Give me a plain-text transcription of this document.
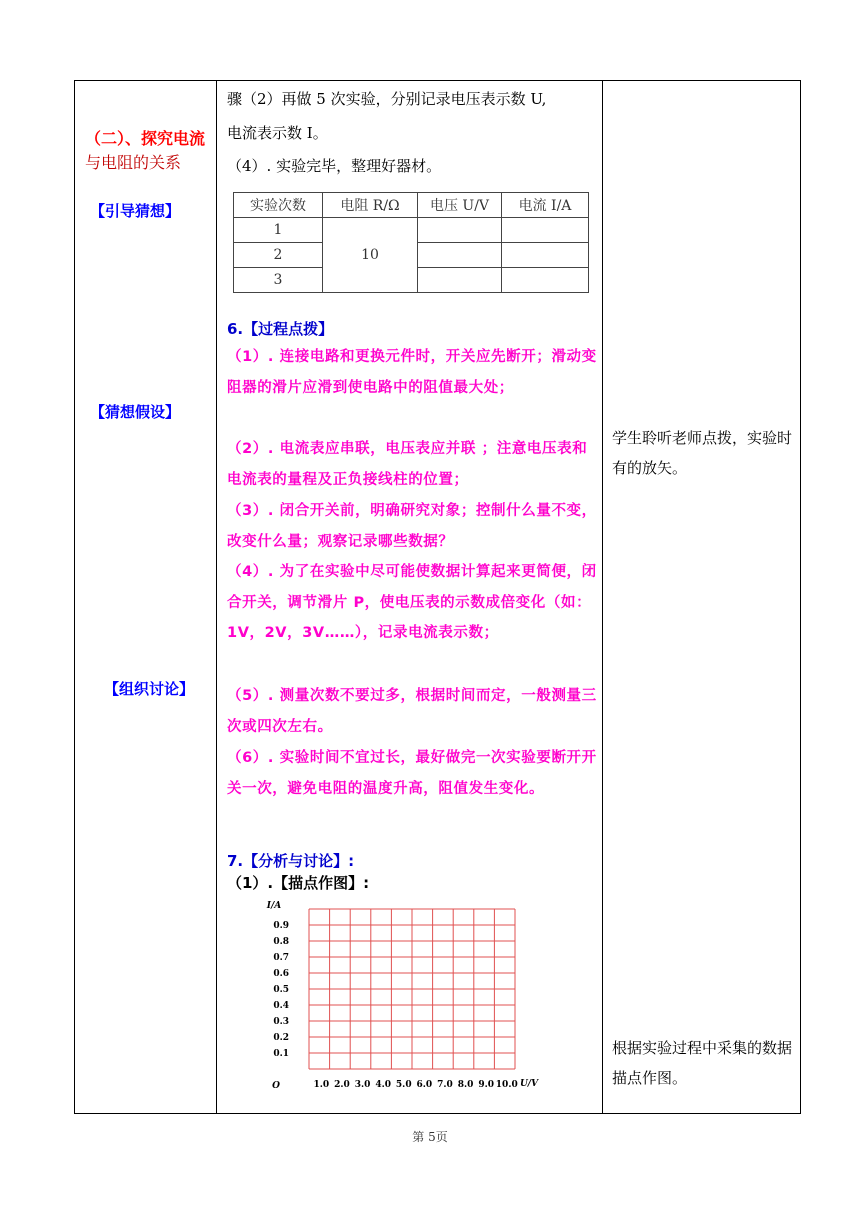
（二）、探究电流
与电阻的关系
【引导猜想】
【猜想假设】
【组织讨论】
骤（2）再做 5 次实验，分别记录电压表示数 U,
电流表示数 I。
（4）. 实验完毕，整理好器材。
实验次数	电阻 R/Ω	电压 U/V	电流 I/A
1	10		
2			
3			
6.【过程点拨】
（1）. 连接电路和更换元件时，开关应先断开；滑动变阻器的滑片应滑到使电路中的阻值最大处；
（2）. 电流表应串联，电压表应并联 ；注意电压表和电流表的量程及正负接线柱的位置；
（3）. 闭合开关前，明确研究对象；控制什么量不变，改变什么量；观察记录哪些数据？
（4）. 为了在实验中尽可能使数据计算起来更简便，闭合开关，调节滑片 P，使电压表的示数成倍变化（如：1V，2V，3V……），记录电流表示数；
（5）. 测量次数不要过多，根据时间而定，一般测量三次或四次左右。
（6）. 实验时间不宜过长，最好做完一次实验要断开开关一次，避免电阻的温度升高，阻值发生变化。
7.【分析与讨论】:
（1）.【描点作图】:
0.9
0.8
0.7
0.6
0.5
0.4
0.3
0.2
0.1
1.0 2.0 3.0 4.0 5.0 6.0 7.0 8.0 9.0 10.0
O
I/A
U/V
学生聆听老师点拨，实验时有的放矢。
根据实验过程中采集的数据描点作图。
第 5页
